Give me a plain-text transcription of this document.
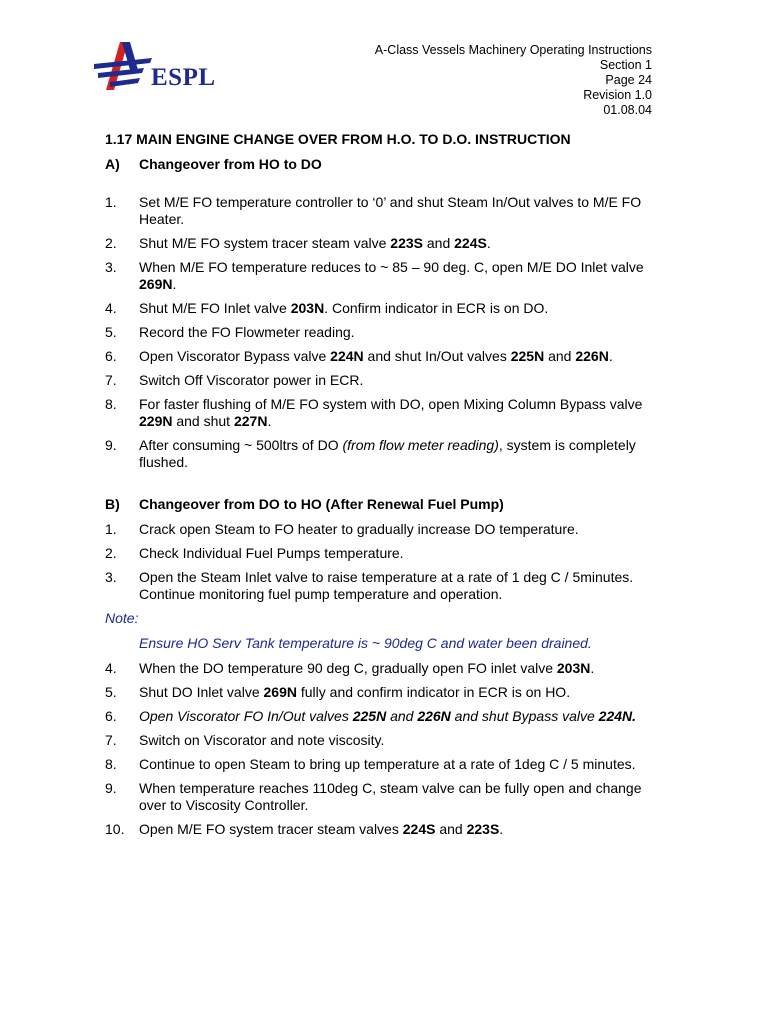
ESPL
A-Class Vessels Machinery Operating Instructions
Section 1
Page 24
Revision 1.0
01.08.04
1.17 MAIN ENGINE CHANGE OVER FROM H.O. TO D.O. INSTRUCTION
A)	Changeover from HO to DO
1.	Set M/E FO temperature controller to ‘0’ and shut Steam In/Out valves to M/E FO Heater.
2.	Shut M/E FO system tracer steam valve 223S and 224S.
3.	When M/E FO temperature reduces to ~ 85 – 90 deg. C, open M/E DO Inlet valve 269N.
4.	Shut M/E FO Inlet valve 203N. Confirm indicator in ECR is on DO.
5.	Record the FO Flowmeter reading.
6.	Open Viscorator Bypass valve 224N and shut In/Out valves 225N and 226N.
7.	Switch Off Viscorator power in ECR.
8.	For faster flushing of M/E FO system with DO, open Mixing Column Bypass valve 229N and shut 227N.
9.	After consuming ~ 500ltrs of DO (from flow meter reading), system is completely flushed.
B)	Changeover from DO to HO (After Renewal Fuel Pump)
1.	Crack open Steam to FO heater to gradually increase DO temperature.
2.	Check Individual Fuel Pumps temperature.
3.	Open the Steam Inlet valve to raise temperature at a rate of 1 deg C / 5minutes. Continue monitoring fuel pump temperature and operation.
Note:
Ensure HO Serv Tank temperature is ~ 90deg C and water been drained.
4.	When the DO temperature 90 deg C, gradually open FO inlet valve 203N.
5.	Shut DO Inlet valve 269N fully and confirm indicator in ECR is on HO.
6.	Open Viscorator FO In/Out valves 225N and 226N and shut Bypass valve 224N.
7.	Switch on Viscorator and note viscosity.
8.	Continue to open Steam to bring up temperature at a rate of 1deg C / 5 minutes.
9.	When temperature reaches 110deg C, steam valve can be fully open and change over to Viscosity Controller.
10.	Open M/E FO system tracer steam valves 224S and 223S.
